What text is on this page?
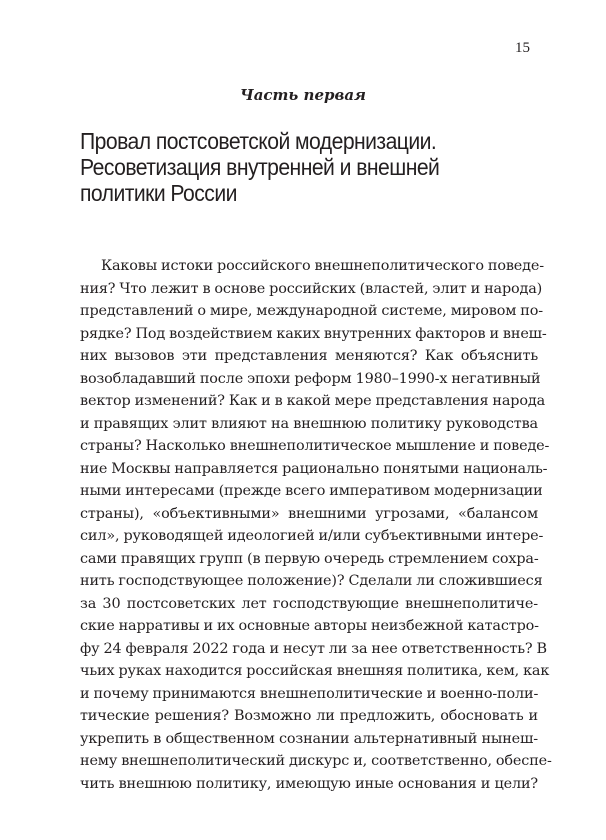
15
Часть первая
Провал постсоветской модернизации.
Ресоветизация внутренней и внешней
политики России
Каковы истоки российского внешнеполитического поведе-
ния? Что лежит в основе российских (властей, элит и народа)
представлений о мире, международной системе, мировом по-
рядке? Под воздействием каких внутренних факторов и внеш-
них вызовов эти представления меняются? Как объяснить
возобладавший после эпохи реформ 1980–1990-х негативный
вектор изменений? Как и в какой мере представления народа
и правящих элит влияют на внешнюю политику руководства
страны? Насколько внешнеполитическое мышление и поведе-
ние Москвы направляется рационально понятыми националь-
ными интересами (прежде всего императивом модернизации
страны), «объективными» внешними угрозами, «балансом
сил», руководящей идеологией и/или субъективными интере-
сами правящих групп (в первую очередь стремлением сохра-
нить господствующее положение)? Сделали ли сложившиеся
за 30 постсоветских лет господствующие внешнеполитиче-
ские нарративы и их основные авторы неизбежной катастро-
фу 24 февраля 2022 года и несут ли за нее ответственность? В
чьих руках находится российская внешняя политика, кем, как
и почему принимаются внешнеполитические и военно-поли-
тические решения? Возможно ли предложить, обосновать и
укрепить в общественном сознании альтернативный нынеш-
нему внешнеполитический дискурс и, соответственно, обеспе-
чить внешнюю политику, имеющую иные основания и цели?
